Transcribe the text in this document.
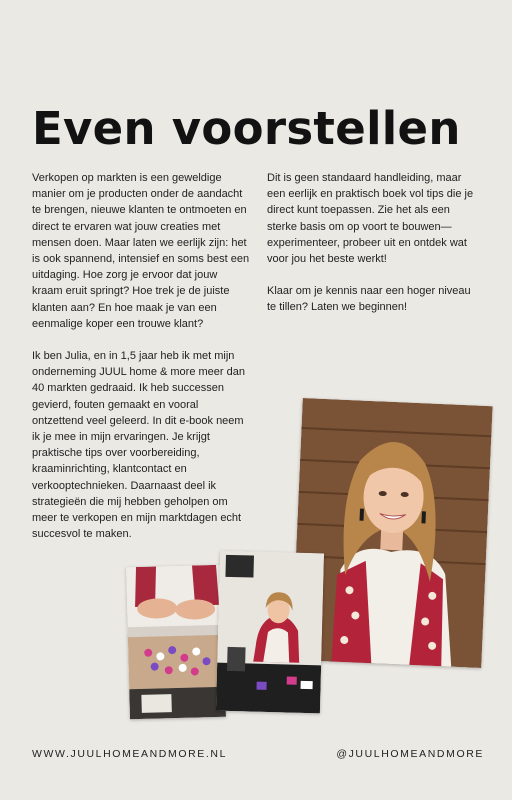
Even voorstellen

Verkopen op markten is een geweldige manier om je producten onder de aandacht te brengen, nieuwe klanten te ontmoeten en direct te ervaren wat jouw creaties met mensen doen. Maar laten we eerlijk zijn: het is ook spannend, intensief en soms best een uitdaging. Hoe zorg je ervoor dat jouw kraam eruit springt? Hoe trek je de juiste klanten aan? En hoe maak je van een eenmalige koper een trouwe klant?

Ik ben Julia, en in 1,5 jaar heb ik met mijn onderneming JUUL home & more meer dan 40 markten gedraaid. Ik heb successen gevierd, fouten gemaakt en vooral ontzettend veel geleerd. In dit e-book neem ik je mee in mijn ervaringen. Je krijgt praktische tips over voorbereiding, kraaminrichting, klantcontact en verkooptechnieken. Daarnaast deel ik strategieën die mij hebben geholpen om meer te verkopen en mijn marktdagen echt succesvol te maken.

Dit is geen standaard handleiding, maar een eerlijk en praktisch boek vol tips die je direct kunt toepassen. Zie het als een sterke basis om op voort te bouwen—experimenteer, probeer uit en ontdek wat voor jou het beste werkt!

Klaar om je kennis naar een hoger niveau te tillen? Laten we beginnen!

WWW.JUULHOMEANDMORE.NL	@JUULHOMEANDMORE
